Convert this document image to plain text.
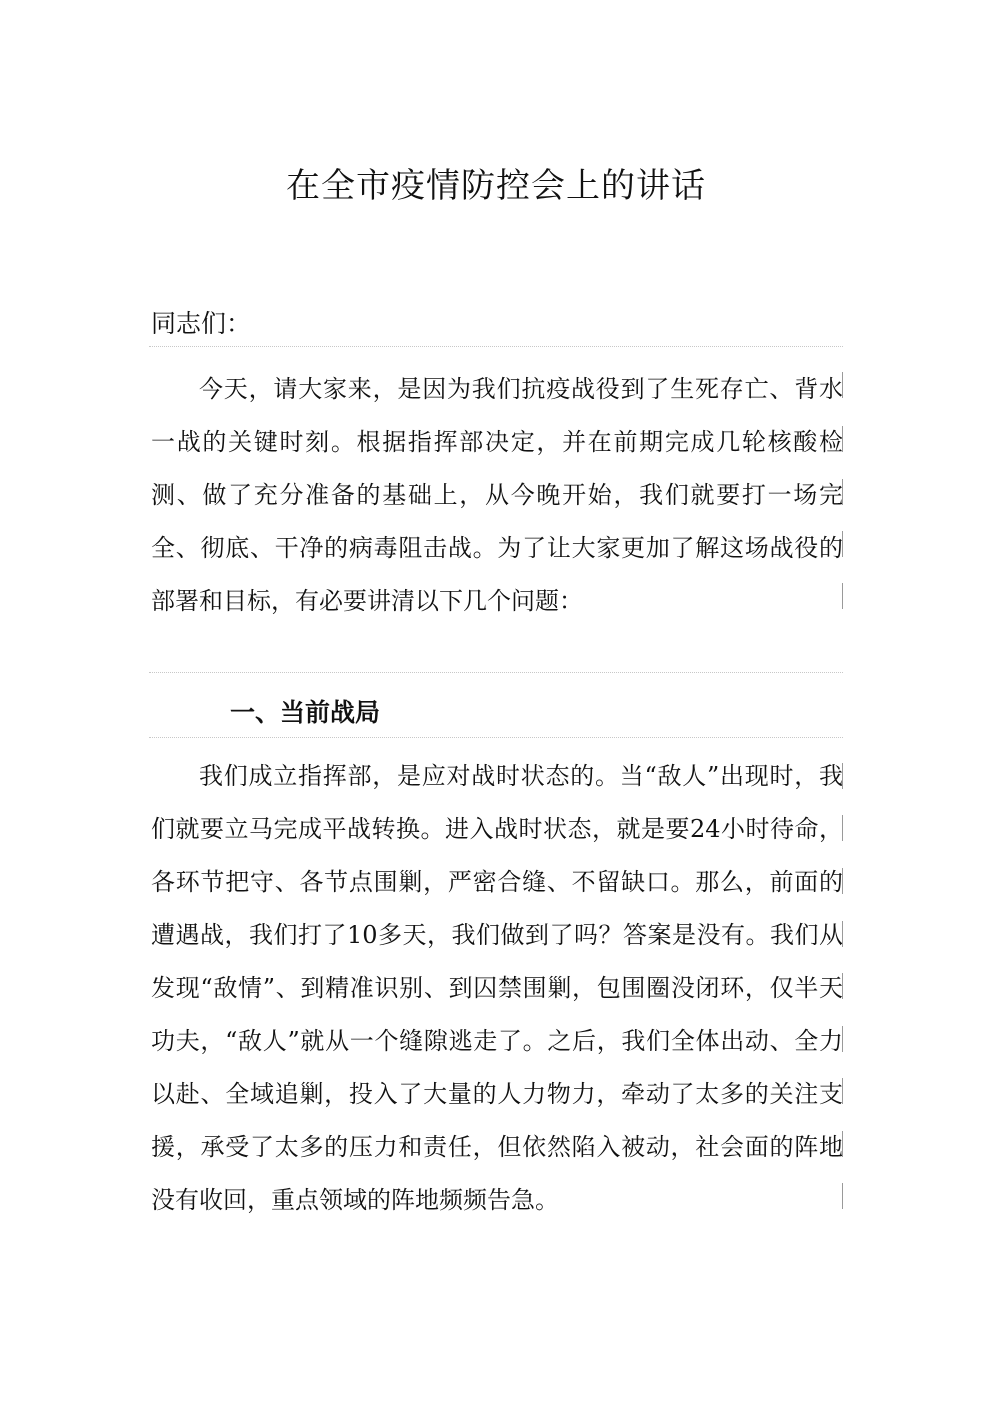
在全市疫情防控会上的讲话
同志们：

今天，请大家来，是因为我们抗疫战役到了生死存亡、背水一战的关键时刻。根据指挥部决定，并在前期完成几轮核酸检测、做了充分准备的基础上，从今晚开始，我们就要打一场完全、彻底、干净的病毒阻击战。为了让大家更加了解这场战役的部署和目标，有必要讲清以下几个问题：

一、当前战局

我们成立指挥部，是应对战时状态的。当“敌人”出现时，我们就要立马完成平战转换。进入战时状态，就是要24小时待命，各环节把守、各节点围剿，严密合缝、不留缺口。那么，前面的遭遇战，我们打了10多天，我们做到了吗？答案是没有。我们从发现“敌情”、到精准识别、到囚禁围剿，包围圈没闭环，仅半天功夫，“敌人”就从一个缝隙逃走了。之后，我们全体出动、全力以赴、全域追剿，投入了大量的人力物力，牵动了太多的关注支援，承受了太多的压力和责任，但依然陷入被动，社会面的阵地没有收回，重点领域的阵地频频告急。
